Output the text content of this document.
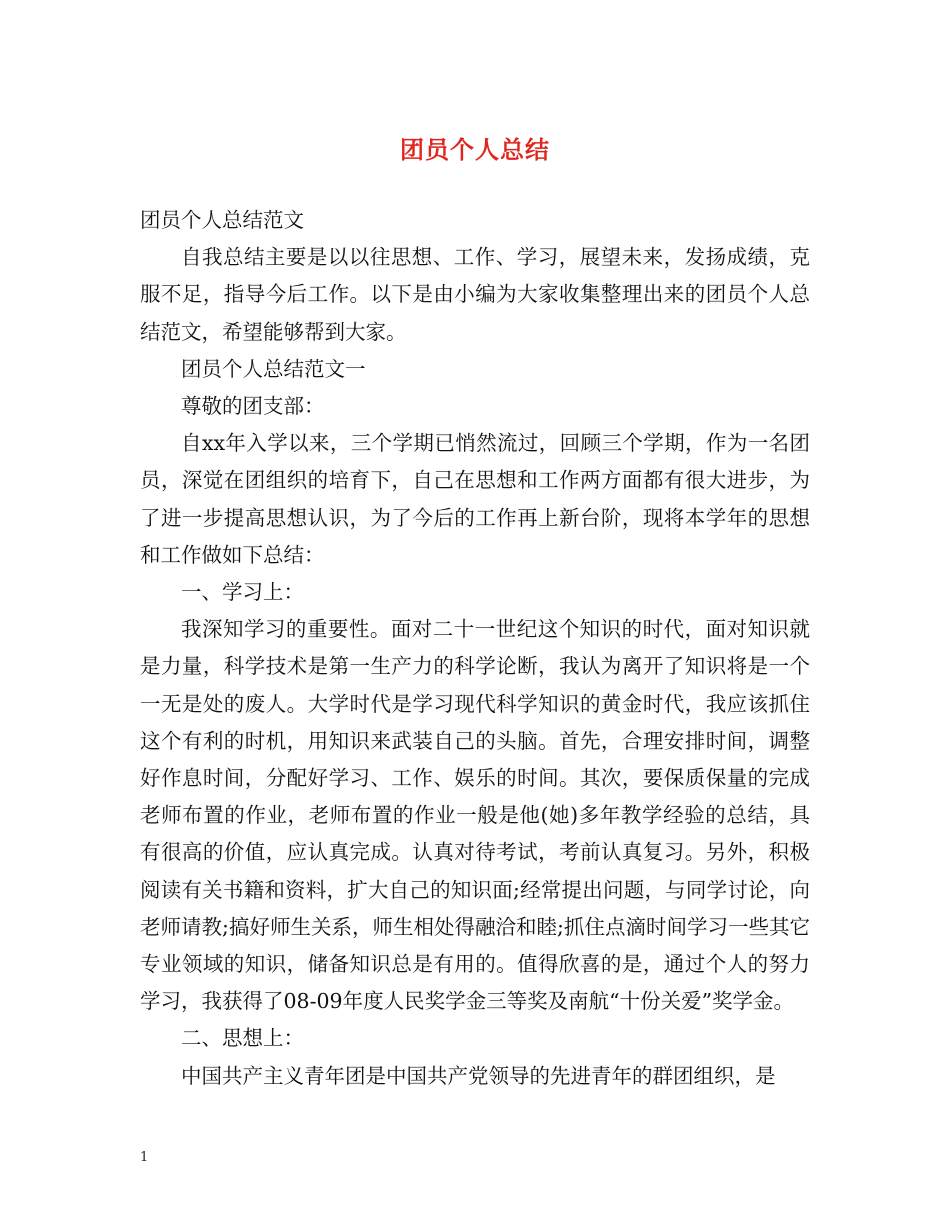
团员个人总结

团员个人总结范文

自我总结主要是以以往思想、工作、学习，展望未来，发扬成绩，克服不足，指导今后工作。以下是由小编为大家收集整理出来的团员个人总结范文，希望能够帮到大家。

团员个人总结范文一

尊敬的团支部：

自xx年入学以来，三个学期已悄然流过，回顾三个学期，作为一名团员，深觉在团组织的培育下，自己在思想和工作两方面都有很大进步，为了进一步提高思想认识，为了今后的工作再上新台阶，现将本学年的思想和工作做如下总结：

一、学习上：

我深知学习的重要性。面对二十一世纪这个知识的时代，面对知识就是力量，科学技术是第一生产力的科学论断，我认为离开了知识将是一个一无是处的废人。大学时代是学习现代科学知识的黄金时代，我应该抓住这个有利的时机，用知识来武装自己的头脑。首先，合理安排时间，调整好作息时间，分配好学习、工作、娱乐的时间。其次，要保质保量的完成老师布置的作业，老师布置的作业一般是他(她)多年教学经验的总结，具有很高的价值，应认真完成。认真对待考试，考前认真复习。另外，积极阅读有关书籍和资料，扩大自己的知识面;经常提出问题，与同学讨论，向老师请教;搞好师生关系，师生相处得融洽和睦;抓住点滴时间学习一些其它专业领域的知识，储备知识总是有用的。值得欣喜的是，通过个人的努力学习，我获得了08-09年度人民奖学金三等奖及南航“十份关爱”奖学金。

二、思想上：

中国共产主义青年团是中国共产党领导的先进青年的群团组织，是

1
